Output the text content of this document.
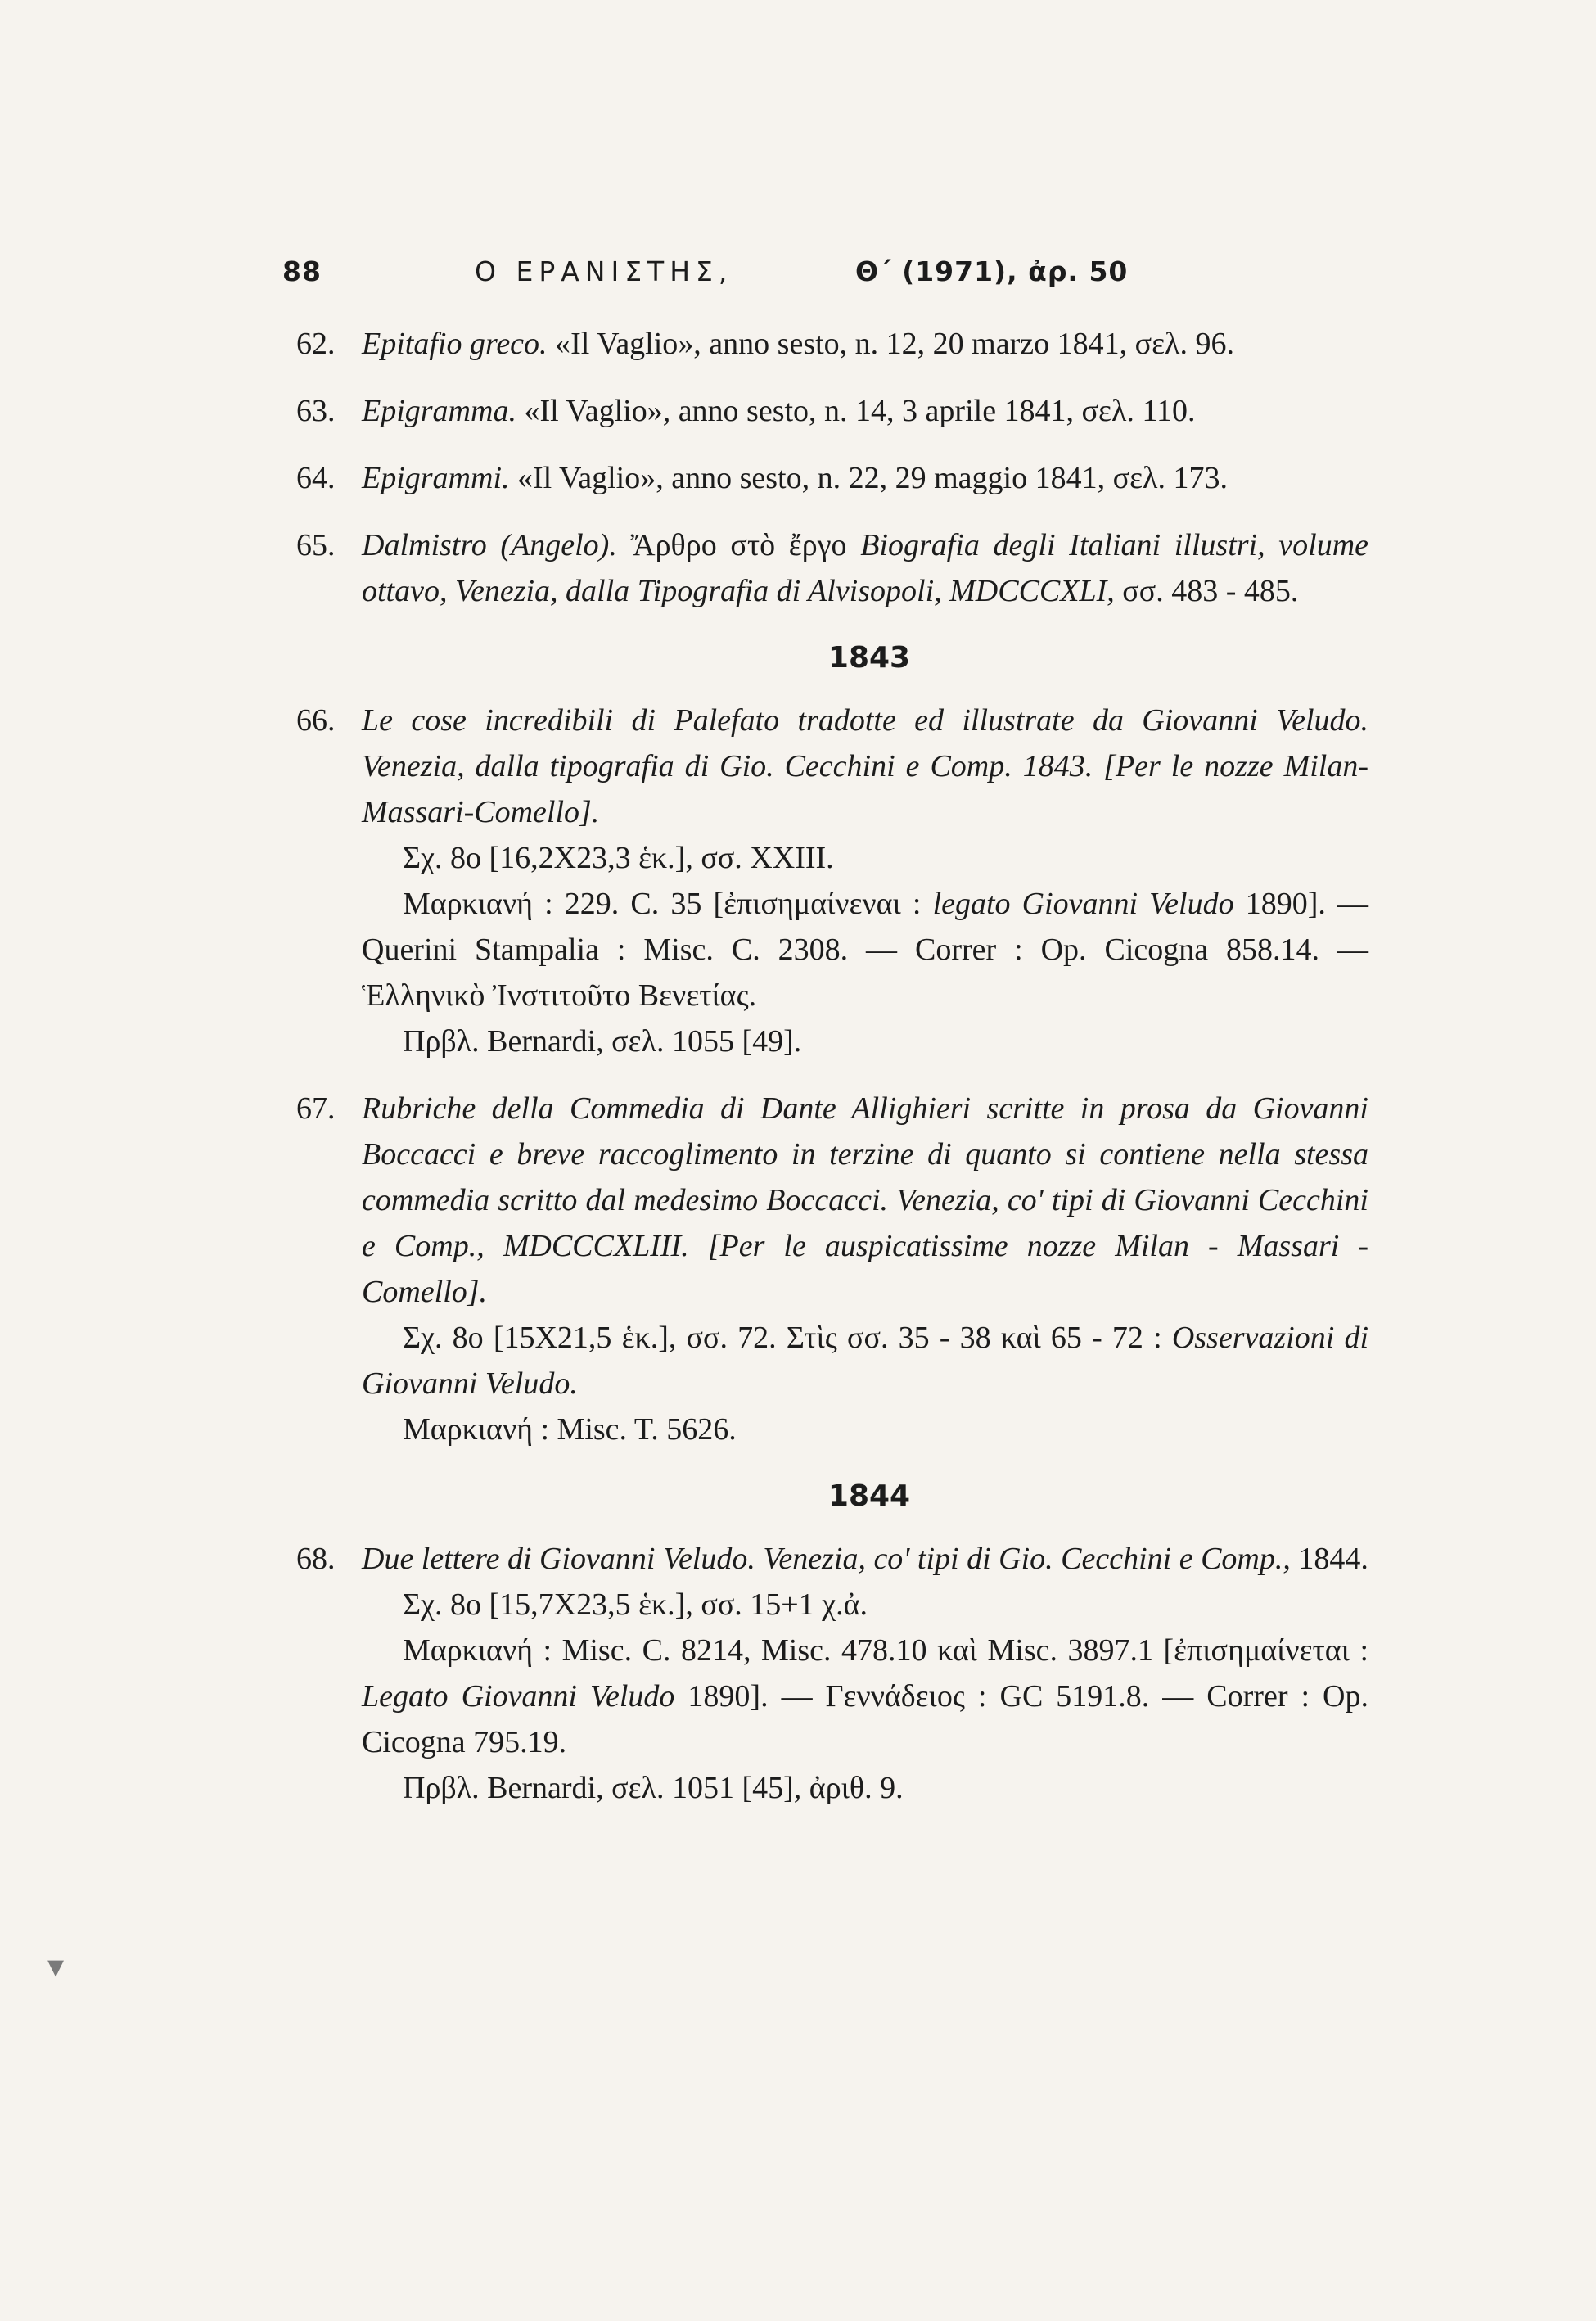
88	Ο ΕΡΑΝΙΣΤΗΣ,	Θ΄ (1971), ἀρ. 50
62. Epitafio greco. «Il Vaglio», anno sesto, n. 12, 20 marzo 1841, σελ. 96.

63. Epigramma. «Il Vaglio», anno sesto, n. 14, 3 aprile 1841, σελ. 110.

64. Epigrammi. «Il Vaglio», anno sesto, n. 22, 29 maggio 1841, σελ. 173.

65. Dalmistro (Angelo). Ἄρθρο στὸ ἔργο Biografia degli Italiani illustri, volume ottavo, Venezia, dalla Tipografia di Alvisopoli, MDCCCXLI, σσ. 483 - 485.

1843
66. Le cose incredibili di Palefato tradotte ed illustrate da Giovanni Veludo. Venezia, dalla tipografia di Gio. Cecchini e Comp. 1843. [Per le nozze Milan-Massari-Comello].

Σχ. 8ο [16,2Χ23,3 ἑκ.], σσ. XXIII.

Μαρκιανή : 229. C. 35 [ἐπισημαίνεναι : legato Giovanni Veludo 1890]. — Querini Stampalia : Misc. C. 2308. — Correr : Op. Cicogna 858.14. — Ἑλληνικὸ Ἰνστιτοῦτο Βενετίας.

Πρβλ. Bernardi, σελ. 1055 [49].

67. Rubriche della Commedia di Dante Allighieri scritte in prosa da Giovanni Boccacci e breve raccoglimento in terzine di quanto si contiene nella stessa commedia scritto dal medesimo Boccacci. Venezia, co' tipi di Giovanni Cecchini e Comp., MDCCCXLIII. [Per le auspicatissime nozze Milan - Massari - Comello].

Σχ. 8ο [15Χ21,5 ἑκ.], σσ. 72. Στὶς σσ. 35 - 38 καὶ 65 - 72 : Osservazioni di Giovanni Veludo.

Μαρκιανή : Misc. T. 5626.

1844
68. Due lettere di Giovanni Veludo. Venezia, co' tipi di Gio. Cecchini e Comp., 1844.

Σχ. 8ο [15,7Χ23,5 ἑκ.], σσ. 15+1 χ.ἀ.

Μαρκιανή : Misc. C. 8214, Misc. 478.10 καὶ Misc. 3897.1 [ἐπισημαίνεται : Legato Giovanni Veludo 1890]. — Γεννάδειος : GC 5191.8. — Correr : Op. Cicogna 795.19.

Πρβλ. Bernardi, σελ. 1051 [45], ἀριθ. 9.

▾
